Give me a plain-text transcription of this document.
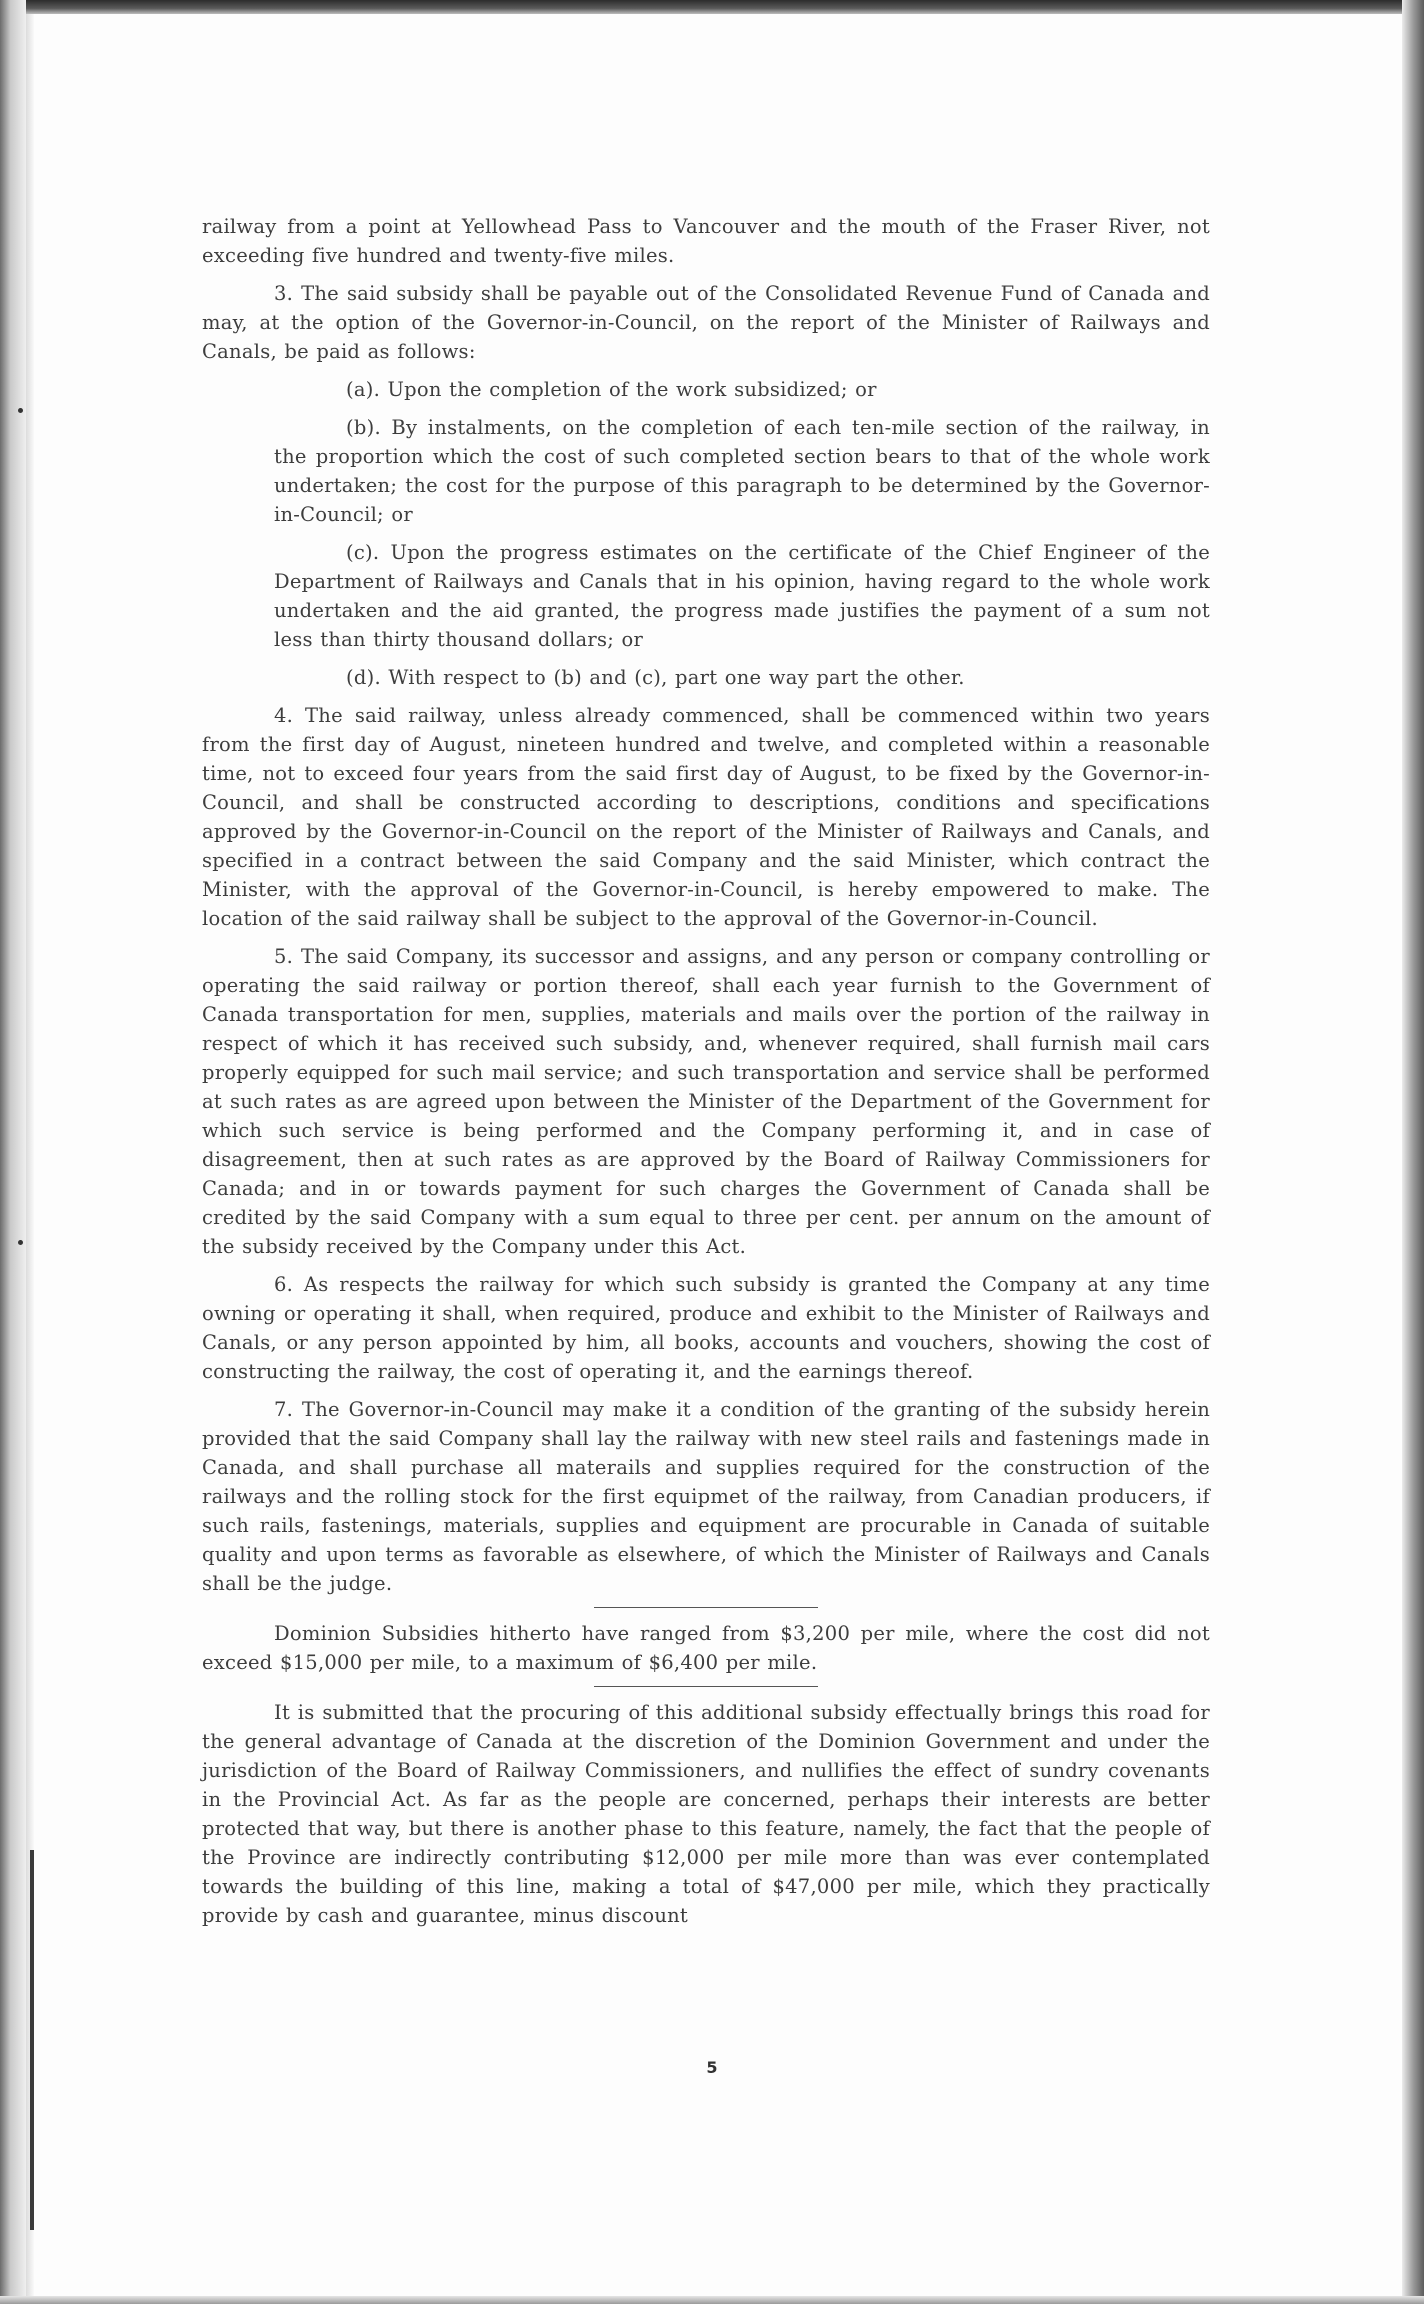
railway from a point at Yellowhead Pass to Vancouver and the mouth of the Fraser River, not exceeding five hundred and twenty-five miles.

3. The said subsidy shall be payable out of the Consolidated Revenue Fund of Canada and may, at the option of the Governor-in-Council, on the report of the Minister of Railways and Canals, be paid as follows:

(a). Upon the completion of the work subsidized; or

(b). By instalments, on the completion of each ten-mile section of the railway, in the proportion which the cost of such completed section bears to that of the whole work undertaken; the cost for the purpose of this paragraph to be determined by the Governor-in-Council; or

(c). Upon the progress estimates on the certificate of the Chief Engineer of the Department of Railways and Canals that in his opinion, having regard to the whole work undertaken and the aid granted, the progress made justifies the payment of a sum not less than thirty thousand dollars; or

(d). With respect to (b) and (c), part one way part the other.

4. The said railway, unless already commenced, shall be commenced within two years from the first day of August, nineteen hundred and twelve, and completed within a reasonable time, not to exceed four years from the said first day of August, to be fixed by the Governor-in-Council, and shall be constructed according to descriptions, conditions and specifications approved by the Governor-in-Council on the report of the Minister of Railways and Canals, and specified in a contract between the said Company and the said Minister, which contract the Minister, with the approval of the Governor-in-Council, is hereby empowered to make. The location of the said railway shall be subject to the approval of the Governor-in-Council.

5. The said Company, its successor and assigns, and any person or company controlling or operating the said railway or portion thereof, shall each year furnish to the Government of Canada transportation for men, supplies, materials and mails over the portion of the railway in respect of which it has received such subsidy, and, whenever required, shall furnish mail cars properly equipped for such mail service; and such transportation and service shall be performed at such rates as are agreed upon between the Minister of the Department of the Government for which such service is being performed and the Company performing it, and in case of disagreement, then at such rates as are approved by the Board of Railway Commissioners for Canada; and in or towards payment for such charges the Government of Canada shall be credited by the said Company with a sum equal to three per cent. per annum on the amount of the subsidy received by the Company under this Act.

6. As respects the railway for which such subsidy is granted the Company at any time owning or operating it shall, when required, produce and exhibit to the Minister of Railways and Canals, or any person appointed by him, all books, accounts and vouchers, showing the cost of constructing the railway, the cost of operating it, and the earnings thereof.

7. The Governor-in-Council may make it a condition of the granting of the subsidy herein provided that the said Company shall lay the railway with new steel rails and fastenings made in Canada, and shall purchase all materails and supplies required for the construction of the railways and the rolling stock for the first equipmet of the railway, from Canadian producers, if such rails, fastenings, materials, supplies and equipment are procurable in Canada of suitable quality and upon terms as favorable as elsewhere, of which the Minister of Railways and Canals shall be the judge.

Dominion Subsidies hitherto have ranged from $3,200 per mile, where the cost did not exceed $15,000 per mile, to a maximum of $6,400 per mile.

It is submitted that the procuring of this additional subsidy effectually brings this road for the general advantage of Canada at the discretion of the Dominion Government and under the jurisdiction of the Board of Railway Commissioners, and nullifies the effect of sundry covenants in the Provincial Act. As far as the people are concerned, perhaps their interests are better protected that way, but there is another phase to this feature, namely, the fact that the people of the Province are indirectly contributing $12,000 per mile more than was ever contemplated towards the building of this line, making a total of $47,000 per mile, which they practically provide by cash and guarantee, minus discount

5
